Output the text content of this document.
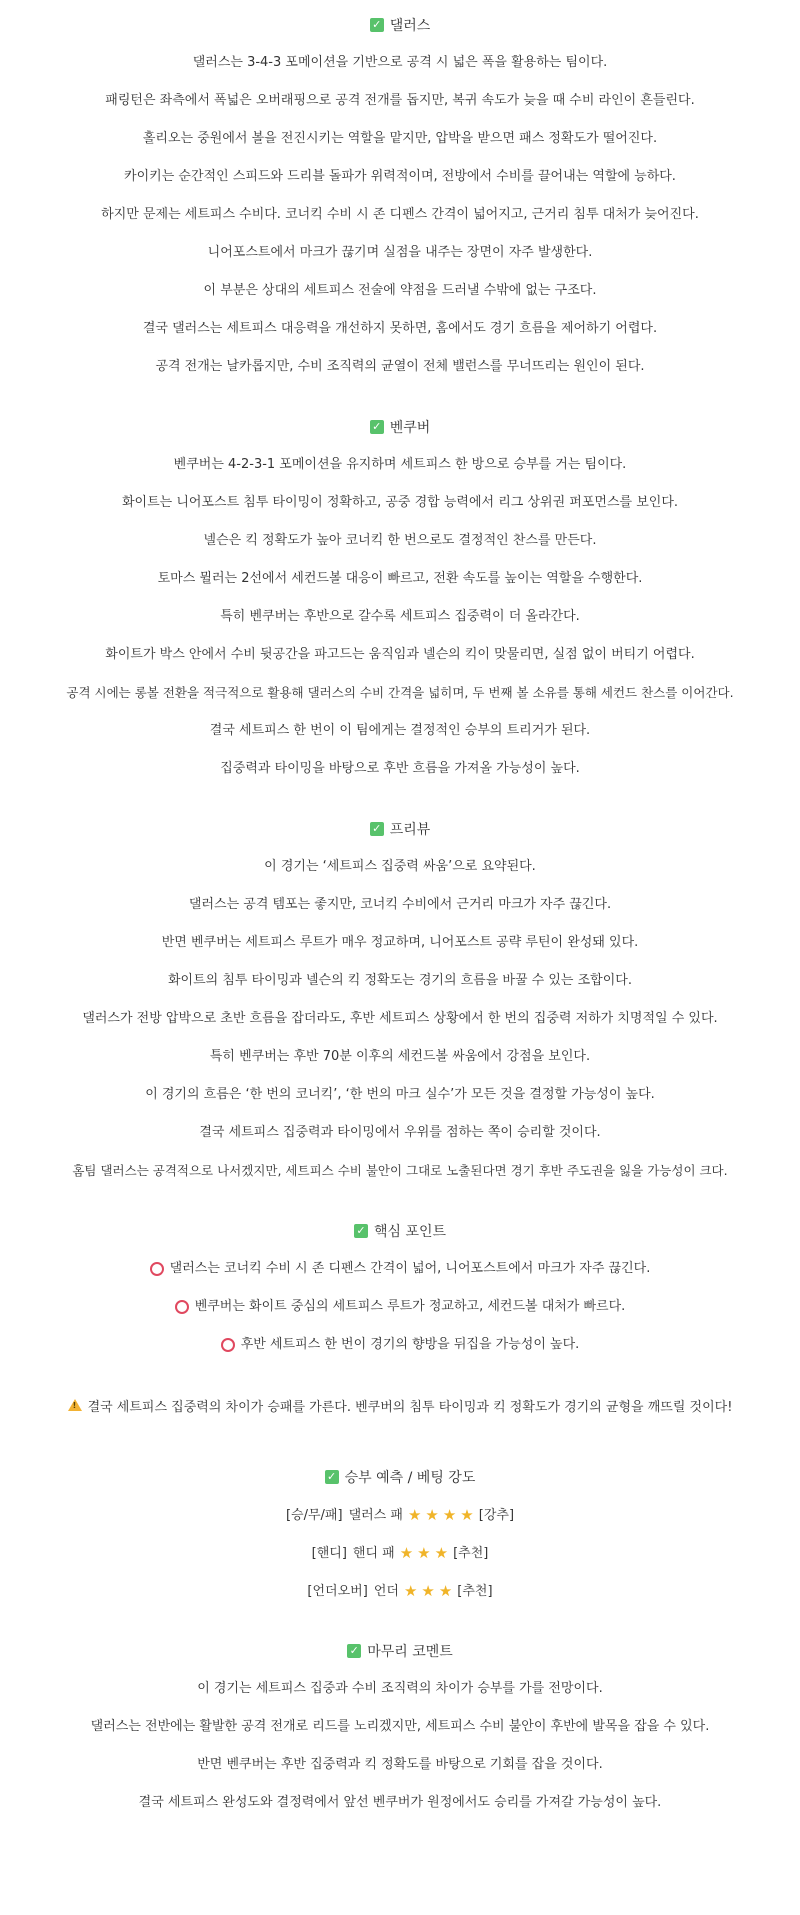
✓ 댈러스
댈러스는 3-4-3 포메이션을 기반으로 공격 시 넓은 폭을 활용하는 팀이다.
패링턴은 좌측에서 폭넓은 오버래핑으로 공격 전개를 돕지만, 복귀 속도가 늦을 때 수비 라인이 흔들린다.
홀리오는 중원에서 볼을 전진시키는 역할을 맡지만, 압박을 받으면 패스 정확도가 떨어진다.
카이키는 순간적인 스피드와 드리블 돌파가 위력적이며, 전방에서 수비를 끌어내는 역할에 능하다.
하지만 문제는 세트피스 수비다. 코너킥 수비 시 존 디펜스 간격이 넓어지고, 근거리 침투 대처가 늦어진다.
니어포스트에서 마크가 끊기며 실점을 내주는 장면이 자주 발생한다.
이 부분은 상대의 세트피스 전술에 약점을 드러낼 수밖에 없는 구조다.
결국 댈러스는 세트피스 대응력을 개선하지 못하면, 홈에서도 경기 흐름을 제어하기 어렵다.
공격 전개는 날카롭지만, 수비 조직력의 균열이 전체 밸런스를 무너뜨리는 원인이 된다.
✓ 벤쿠버
벤쿠버는 4-2-3-1 포메이션을 유지하며 세트피스 한 방으로 승부를 거는 팀이다.
화이트는 니어포스트 침투 타이밍이 정확하고, 공중 경합 능력에서 리그 상위권 퍼포먼스를 보인다.
넬슨은 킥 정확도가 높아 코너킥 한 번으로도 결정적인 찬스를 만든다.
토마스 뮐러는 2선에서 세컨드볼 대응이 빠르고, 전환 속도를 높이는 역할을 수행한다.
특히 벤쿠버는 후반으로 갈수록 세트피스 집중력이 더 올라간다.
화이트가 박스 안에서 수비 뒷공간을 파고드는 움직임과 넬슨의 킥이 맞물리면, 실점 없이 버티기 어렵다.
공격 시에는 롱볼 전환을 적극적으로 활용해 댈러스의 수비 간격을 넓히며, 두 번째 볼 소유를 통해 세컨드 찬스를 이어간다.
결국 세트피스 한 번이 이 팀에게는 결정적인 승부의 트리거가 된다.
집중력과 타이밍을 바탕으로 후반 흐름을 가져올 가능성이 높다.
✓ 프리뷰
이 경기는 ‘세트피스 집중력 싸움’으로 요약된다.
댈러스는 공격 템포는 좋지만, 코너킥 수비에서 근거리 마크가 자주 끊긴다.
반면 벤쿠버는 세트피스 루트가 매우 정교하며, 니어포스트 공략 루틴이 완성돼 있다.
화이트의 침투 타이밍과 넬슨의 킥 정확도는 경기의 흐름을 바꿀 수 있는 조합이다.
댈러스가 전방 압박으로 초반 흐름을 잡더라도, 후반 세트피스 상황에서 한 번의 집중력 저하가 치명적일 수 있다.
특히 벤쿠버는 후반 70분 이후의 세컨드볼 싸움에서 강점을 보인다.
이 경기의 흐름은 ‘한 번의 코너킥’, ‘한 번의 마크 실수’가 모든 것을 결정할 가능성이 높다.
결국 세트피스 집중력과 타이밍에서 우위를 점하는 쪽이 승리할 것이다.
홈팀 댈러스는 공격적으로 나서겠지만, 세트피스 수비 불안이 그대로 노출된다면 경기 후반 주도권을 잃을 가능성이 크다.
✓ 핵심 포인트
댈러스는 코너킥 수비 시 존 디펜스 간격이 넓어, 니어포스트에서 마크가 자주 끊긴다.
벤쿠버는 화이트 중심의 세트피스 루트가 정교하고, 세컨드볼 대처가 빠르다.
후반 세트피스 한 번이 경기의 향방을 뒤집을 가능성이 높다.
!
결국 세트피스 집중력의 차이가 승패를 가른다. 벤쿠버의 침투 타이밍과 킥 정확도가 경기의 균형을 깨뜨릴 것이다!
✓ 승부 예측 / 베팅 강도
[승/무/패] 댈러스 패 ★ ★ ★ ★ [강추]
[핸디] 핸디 패 ★ ★ ★ [추천]
[언더오버] 언더 ★ ★ ★ [추천]
✓ 마무리 코멘트
이 경기는 세트피스 집중과 수비 조직력의 차이가 승부를 가를 전망이다.
댈러스는 전반에는 활발한 공격 전개로 리드를 노리겠지만, 세트피스 수비 불안이 후반에 발목을 잡을 수 있다.
반면 벤쿠버는 후반 집중력과 킥 정확도를 바탕으로 기회를 잡을 것이다.
결국 세트피스 완성도와 결정력에서 앞선 벤쿠버가 원정에서도 승리를 가져갈 가능성이 높다.
